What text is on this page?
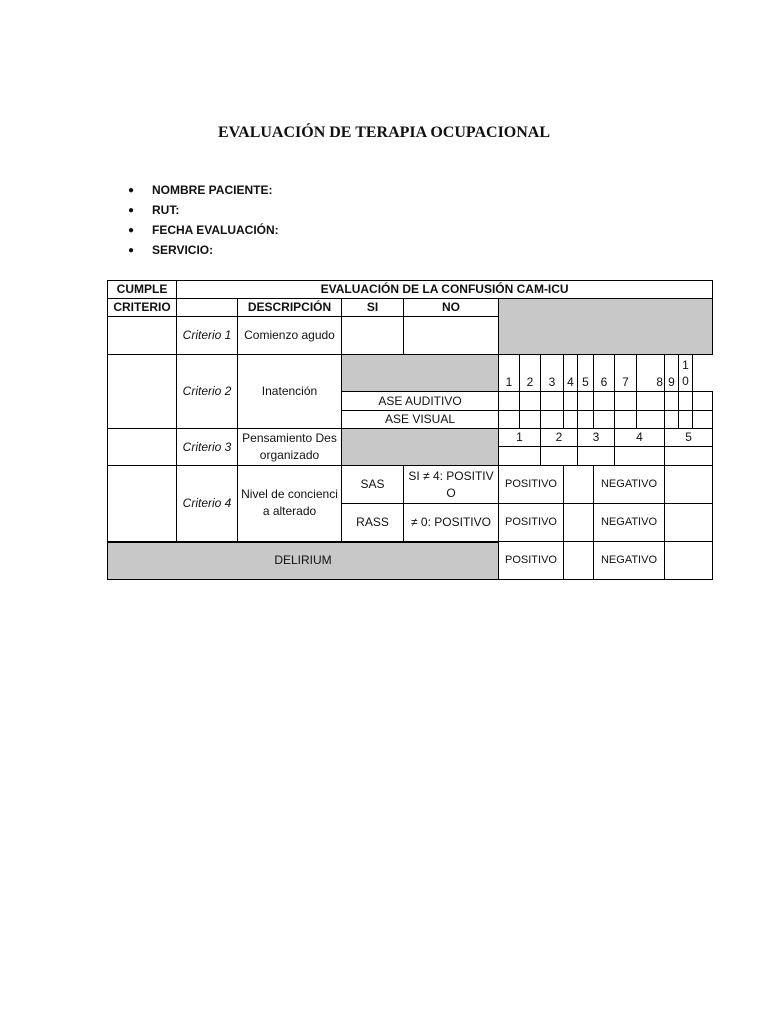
EVALUACIÓN DE TERAPIA OCUPACIONAL
●	NOMBRE PACIENTE:
●	RUT:
●	FECHA EVALUACIÓN:
●	SERVICIO:
CUMPLE	EVALUACIÓN DE LA CONFUSIÓN CAM-ICU														
CRITERIO		DESCRIPCIÓN	SI	NO											
	Criterio 1	Comienzo agudo													
	Criterio 2	Inatención			1	2	3	4	5	6	7	8	9	10	
			ASE AUDITIVO												
			ASE VISUAL												
	Criterio 3	Pensamiento Desorganizado			1		2		3		4		5		

	Criterio 4	Nivel de conciencia alterado	SAS	SI ≠ 4: POSITIVO	POSITIVO					NEGATIVO					
			RASS	≠ 0: POSITIVO	POSITIVO					NEGATIVO					
DELIRIUM					POSITIVO					NEGATIVO					
